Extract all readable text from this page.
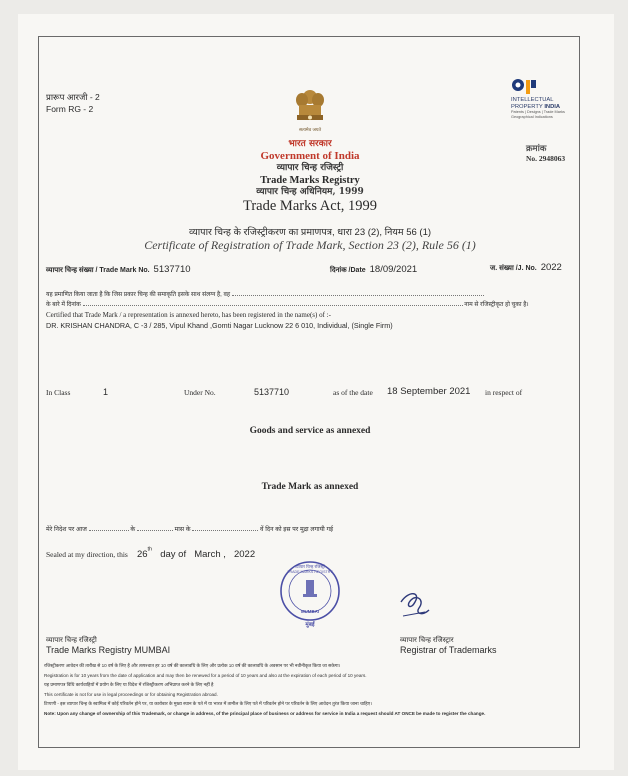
प्रारूप आरजी - 2
Form RG - 2
सत्यमेव जयते
INTELLECTUAL
PROPERTY INDIA
Patents | Designs | Trade Marks
Geographical Indications
भारत सरकार
Government of India
व्यापार चिन्ह रजिस्ट्री
Trade Marks Registry
व्यापार चिन्ह अधिनियम, 1999
Trade Marks Act, 1999
व्यापार चिन्ह के रजिस्ट्रीकरण का प्रमाणपत्र, धारा 23 (2), नियम 56 (1)
Certificate of Registration of Trade Mark, Section 23 (2), Rule 56 (1)
क्रमांक
No. 2948063
व्यापार चिन्ह संख्या / Trade Mark No. 5137710	दिनांक /Date 18/09/2021	ज. संख्या /J. No. 2022
यह प्रमाणित किया जाता है कि जिस प्रकार चिन्ह की समाकृति इसके साथ संलग्न है, वह
के बारे में दिनांक	नाम से रजिस्ट्रीकृत हो चुका है।
Certified that Trade Mark / a representation is annexed hereto, has been registered in the name(s) of :-
DR. KRISHAN CHANDRA, C -3 / 285, Vipul Khand ,Gomti Nagar Lucknow 22 6 010, Individual, (Single Firm)
In Class	1	Under No.	5137710	as of the date 18 September 2021 in respect of
Goods and service as annexed
Trade Mark as annexed
मेरे निदेश पर आज	के	मास के	वें दिन को इस पर मुद्रा लगायी गई
Sealed at my direction, this 26th day of March , 2022
व्यापार चिन्ह रजिस्ट्री
TRADE MARKS REGISTRY
MUMBAI
मुंबई
व्यापार चिन्ह रजिस्ट्री
Trade Marks Registry MUMBAI
व्यापार चिन्ह रजिस्ट्रार
Registrar of Trademarks
रजिस्ट्रीकरण आवेदन की तारीख से 10 वर्ष के लिए है और तत्पश्चात हर 10 वर्ष की कालावधि के लिए और प्रत्येक 10 वर्ष की कालावधि के अवसान पर भी नवीनीकृत किया जा सकेगा।
Registration is for 10 years from the date of application and may then be renewed for a period of 10 years and also at the expiration of each period of 10 years.
यह प्रमाणपत्र विधि कार्यवाहियों में प्रयोग के लिए या विदेश में रजिस्ट्रीकरण अभिप्राप्त करने के लिए नहीं है
This certificate is not for use in legal proceedings or for obtaining Registration abroad.
टिप्पणी - इस व्यापार चिन्ह के स्वामित्व में कोई परिवर्तन होने पर, या कारोबार के मुख्य स्थान के पते में या भारत में तामील के लिए पते में परिवर्तन होने पर परिवर्तन के लिए आवेदन तुरंत किया जाना चाहिए।
Note: Upon any change of ownership of this Trademark, or change in address, of the principal place of business or address for service in India a request should AT ONCE be made to register the change.
